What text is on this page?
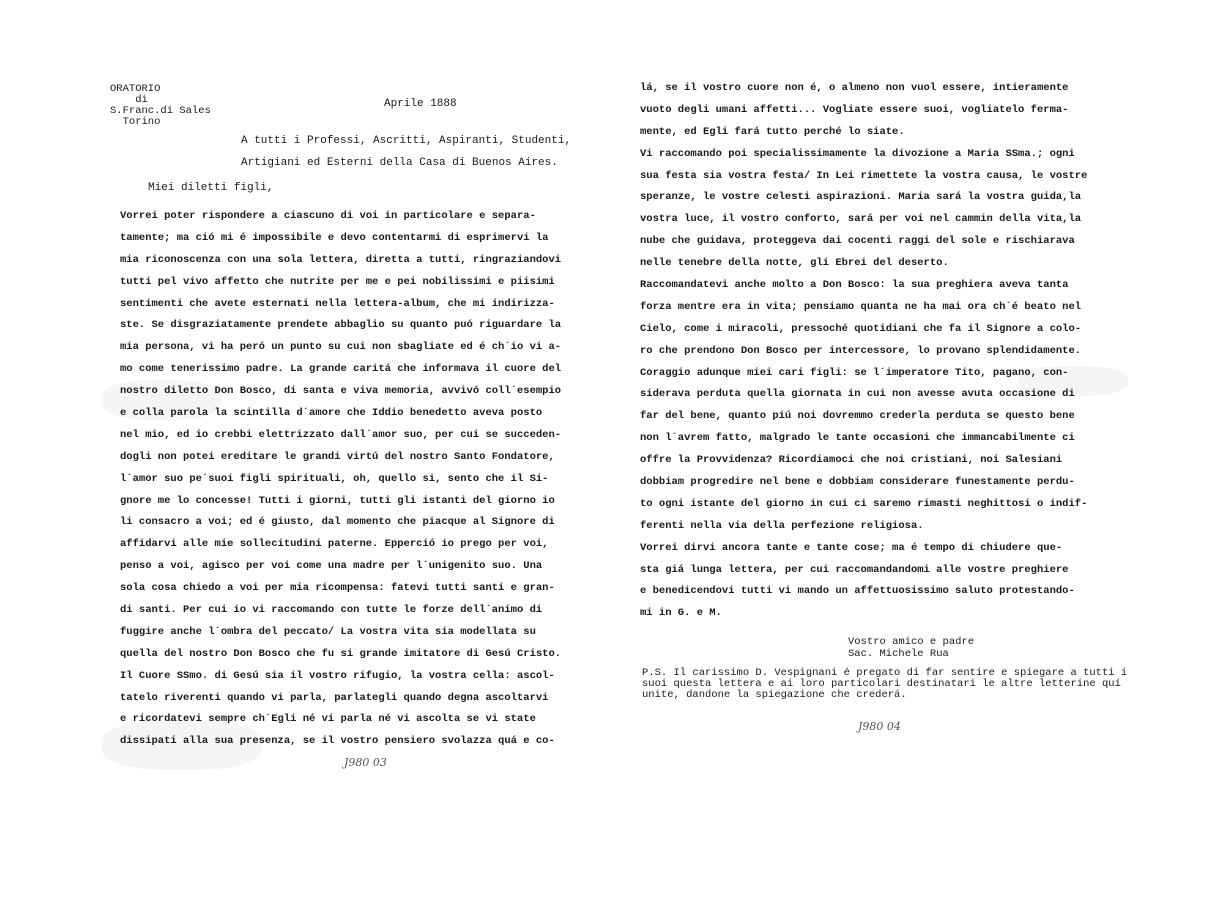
ORATORIO
di
S.Franc.di Sales
Torino
Aprile 1888
A tutti i Professi, Ascritti, Aspiranti, Studenti,
Artigiani ed Esterni della Casa di Buenos Aires.
Miei diletti figli,
Vorrei poter rispondere a ciascuno di voi in particolare e separa-
tamente; ma ció mi é impossibile e devo contentarmi di esprimervi la
mia riconoscenza con una sola lettera, diretta a tutti, ringraziandovi
tutti pel vivo affetto che nutrite per me e pei nobilissimi e piisimi
sentimenti che avete esternati nella lettera-album, che mi indirizza-
ste. Se disgraziatamente prendete abbaglio su quanto puó riguardare la
mia persona, vi ha peró un punto su cui non sbagliate ed é ch´io vi a-
mo come tenerissimo padre. La grande caritá che informava il cuore del
nostro diletto Don Bosco, di santa e viva memoria, avvivó coll´esempio
e colla parola la scintilla d´amore che Iddio benedetto aveva posto
nel mio, ed io crebbi elettrizzato dall´amor suo, per cui se succeden-
dogli non potei ereditare le grandi virtú del nostro Santo Fondatore,
l´amor suo pe´suoi figli spirituali, oh, quello si, sento che il Si-
gnore me lo concesse! Tutti i giorni, tutti gli istanti del giorno io
li consacro a voi; ed é giusto, dal momento che piacque al Signore di
affidarvi alle mie sollecitudini paterne. Epperció io prego per voi,
penso a voi, agisco per voi come una madre per l´unigenito suo. Una
sola cosa chiedo a voi per mia ricompensa: fatevi tutti santi e gran-
di santi. Per cui io vi raccomando con tutte le forze dell´animo di
fuggire anche l´ombra del peccato/ La vostra vita sia modellata su
quella del nostro Don Bosco che fu si grande imitatore di Gesú Cristo.
Il Cuore SSmo. di Gesú sia il vostro rifugio, la vostra cella: ascol-
tatelo riverenti quando vi parla, parlategli quando degna ascoltarvi
e ricordatevi sempre ch´Egli né vi parla né vi ascolta se vi state
dissipati alla sua presenza, se il vostro pensiero svolazza quá e co-
J980 03
lá, se il vostro cuore non é, o almeno non vuol essere, intieramente
vuoto degli umani affetti... Vogliate essere suoi, vogliatelo ferma-
mente, ed Egli fará tutto perché lo siate.
Vi raccomando poi specialissimamente la divozione a Maria SSma.; ogni
sua festa sia vostra festa/ In Lei rimettete la vostra causa, le vostre
speranze, le vostre celesti aspirazioni. Maria sará la vostra guida,la
vostra luce, il vostro conforto, sará per voi nel cammin della vita,la
nube che guidava, proteggeva dai cocenti raggi del sole e rischiarava
nelle tenebre della notte, gli Ebrei del deserto.
Raccomandatevi anche molto a Don Bosco: la sua preghiera aveva tanta
forza mentre era in vita; pensiamo quanta ne ha mai ora ch´é beato nel
Cielo, come i miracoli, pressoché quotidiani che fa il Signore a colo-
ro che prendono Don Bosco per intercessore, lo provano splendidamente.
Coraggio adunque miei cari figli: se l´imperatore Tito, pagano, con-
siderava perduta quella giornata in cui non avesse avuta occasione di
far del bene, quanto piú noi dovremmo crederla perduta se questo bene
non l´avrem fatto, malgrado le tante occasioni che immancabilmente ci
offre la Provvidenza? Ricordiamoci che noi cristiani, noi Salesiani
dobbiam progredire nel bene e dobbiam considerare funestamente perdu-
to ogni istante del giorno in cui ci saremo rimasti neghittosi o indif-
ferenti nella via della perfezione religiosa.
Vorrei dirvi ancora tante e tante cose; ma é tempo di chiudere que-
sta giá lunga lettera, per cui raccomandandomi alle vostre preghiere
e benedicendovi tutti vi mando un affettuosissimo saluto protestando-
mi in G. e M.
Vostro amico e padre
Sac. Michele Rua
P.S. Il carissimo D. Vespignani é pregato di far sentire e spiegare a tutti i suoi questa lettera e ai loro particolari destinatari le altre letterine quí unite, dandone la spiegazione che crederá.
J980 04
